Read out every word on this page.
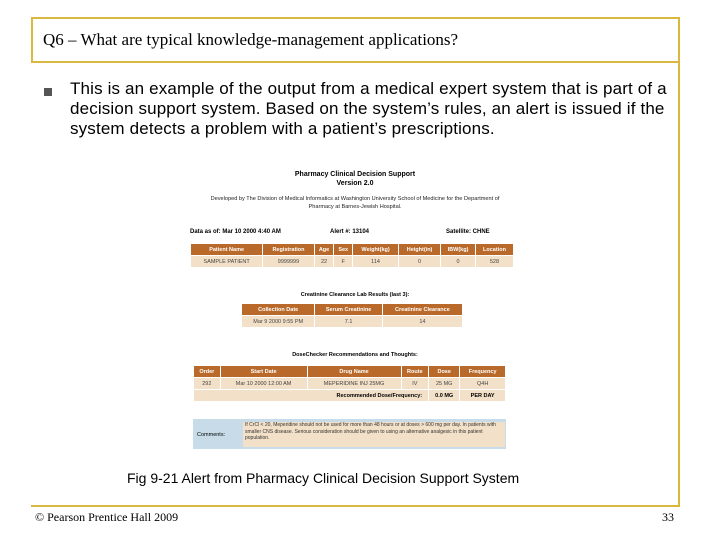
Q6 – What are typical knowledge-management applications?
This is an example of the output from a medical expert system that is part of a decision support system. Based on the system’s rules, an alert is issued if the system detects a problem with a patient’s prescriptions.
Pharmacy Clinical Decision Support
Version 2.0
Developed by The Division of Medical Informatics at Washington University School of Medicine for the Department of Pharmacy at Barnes-Jewish Hospital.
Data as of: Mar 10 2000 4:40 AM	Alert #: 13104	Satellite: CHNE
Patient Name	Registration	Age	Sex	Weight(kg)	Height(in)	IBW(kg)	Location
SAMPLE PATIENT	9999999	22	F	114	0	0	528
Creatinine Clearance Lab Results (last 3):
Collection Date	Serum Creatinine	Creatinine Clearance
Mar 9 2000 9:55 PM	7.1	14
DoseChecker Recommendations and Thoughts:
Order	Start Date	Drug Name	Route	Dose	Frequency
292	Mar 10 2000 12:00 AM	MEPERIDINE INJ 25MG	IV	25 MG	Q4H
Recommended Dose/Frequency:				0.0 MG	PER DAY
Comments:
If CrCl < 20, Meperidine should not be used for more than 48 hours or at doses > 600 mg per day. In patients with smaller CNS disease. Serious consideration should be given to using an alternative analgesic in this patient population.
Fig 9-21 Alert from Pharmacy Clinical Decision Support System
© Pearson Prentice Hall 2009	33
